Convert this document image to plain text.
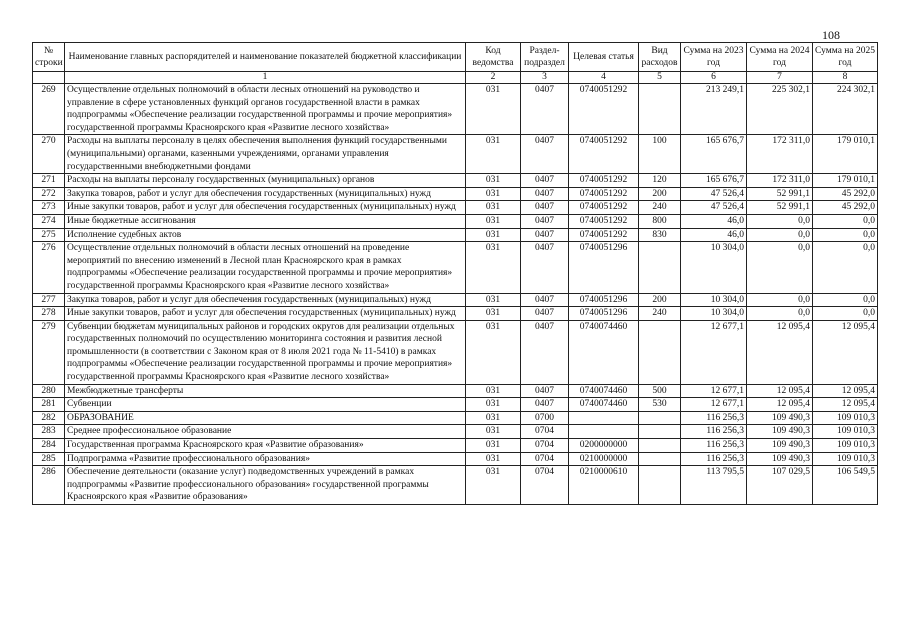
108
№ строки	Наименование главных распорядителей и наименование показателей бюджетной классификации	Код ведомства	Раздел-подраздел	Целевая статья	Вид расходов	Сумма на 2023 год	Сумма на 2024 год	Сумма на 2025 год
	1	2	3	4	5	6	7	8
269	Осуществление отдельных полномочий в области лесных отношений на руководство и управление в сфере установленных функций органов государственной власти в рамках подпрограммы «Обеспечение реализации государственной программы и прочие мероприятия» государственной программы Красноярского края «Развитие лесного хозяйства»	031	0407	0740051292		213 249,1	225 302,1	224 302,1
270	Расходы на выплаты персоналу в целях обеспечения выполнения функций государственными (муниципальными) органами, казенными учреждениями, органами управления государственными внебюджетными фондами	031	0407	0740051292	100	165 676,7	172 311,0	179 010,1
271	Расходы на выплаты персоналу государственных (муниципальных) органов	031	0407	0740051292	120	165 676,7	172 311,0	179 010,1
272	Закупка товаров, работ и услуг для обеспечения государственных (муниципальных) нужд	031	0407	0740051292	200	47 526,4	52 991,1	45 292,0
273	Иные закупки товаров, работ и услуг для обеспечения государственных (муниципальных) нужд	031	0407	0740051292	240	47 526,4	52 991,1	45 292,0
274	Иные бюджетные ассигнования	031	0407	0740051292	800	46,0	0,0	0,0
275	Исполнение судебных актов	031	0407	0740051292	830	46,0	0,0	0,0
276	Осуществление отдельных полномочий в области лесных отношений на проведение мероприятий по внесению изменений в Лесной план Красноярского края в рамках подпрограммы «Обеспечение реализации государственной программы и прочие мероприятия» государственной программы Красноярского края «Развитие лесного хозяйства»	031	0407	0740051296		10 304,0	0,0	0,0
277	Закупка товаров, работ и услуг для обеспечения государственных (муниципальных) нужд	031	0407	0740051296	200	10 304,0	0,0	0,0
278	Иные закупки товаров, работ и услуг для обеспечения государственных (муниципальных) нужд	031	0407	0740051296	240	10 304,0	0,0	0,0
279	Субвенции бюджетам муниципальных районов и городских округов для реализации отдельных государственных полномочий по осуществлению мониторинга состояния и развития лесной промышленности (в соответствии с Законом края от 8 июля 2021 года № 11-5410) в рамках подпрограммы «Обеспечение реализации государственной программы и прочие мероприятия» государственной программы Красноярского края «Развитие лесного хозяйства»	031	0407	0740074460		12 677,1	12 095,4	12 095,4
280	Межбюджетные трансферты	031	0407	0740074460	500	12 677,1	12 095,4	12 095,4
281	Субвенции	031	0407	0740074460	530	12 677,1	12 095,4	12 095,4
282	ОБРАЗОВАНИЕ	031	0700			116 256,3	109 490,3	109 010,3
283	Среднее профессиональное образование	031	0704			116 256,3	109 490,3	109 010,3
284	Государственная программа Красноярского края «Развитие образования»	031	0704	0200000000		116 256,3	109 490,3	109 010,3
285	Подпрограмма «Развитие профессионального образования»	031	0704	0210000000		116 256,3	109 490,3	109 010,3
286	Обеспечение деятельности (оказание услуг) подведомственных учреждений в рамках подпрограммы «Развитие профессионального образования» государственной программы Красноярского края «Развитие образования»	031	0704	0210000610		113 795,5	107 029,5	106 549,5
